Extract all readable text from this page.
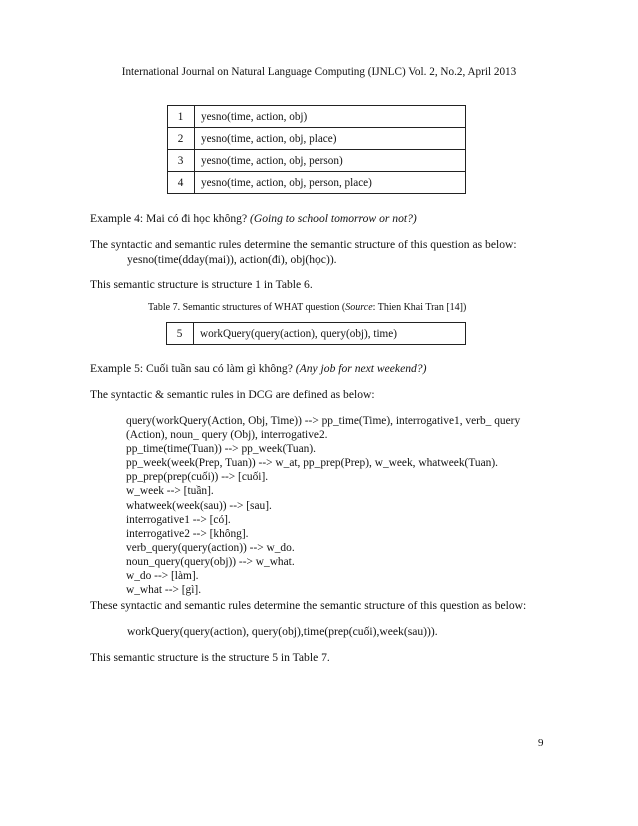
International Journal on Natural Language Computing (IJNLC) Vol. 2, No.2, April 2013
1	yesno(time, action, obj)
2	yesno(time, action, obj, place)
3	yesno(time, action, obj, person)
4	yesno(time, action, obj, person, place)
Example 4: Mai có đi học không? (Going to school tomorrow or not?)
The syntactic and semantic rules determine the semantic structure of this question as below:
yesno(time(dday(mai)), action(đi), obj(học)).
This semantic structure is structure 1 in Table 6.
Table 7. Semantic structures of WHAT question (Source: Thien Khai Tran [14])
5	workQuery(query(action), query(obj), time)
Example 5: Cuối tuần sau có làm gì không? (Any job for next weekend?)
The syntactic & semantic rules in DCG are defined as below:
query(workQuery(Action, Obj, Time)) --> pp_time(Time), interrogative1, verb_ query
(Action), noun_ query (Obj), interrogative2.
pp_time(time(Tuan)) --> pp_week(Tuan).
pp_week(week(Prep, Tuan)) --> w_at, pp_prep(Prep), w_week, whatweek(Tuan).
pp_prep(prep(cuối)) --> [cuối].
w_week --> [tuần].
whatweek(week(sau)) --> [sau].
interrogative1 --> [có].
interrogative2 --> [không].
verb_query(query(action)) --> w_do.
noun_query(query(obj)) --> w_what.
w_do --> [làm].
w_what --> [gì].
These syntactic and semantic rules determine the semantic structure of this question as below:
workQuery(query(action), query(obj),time(prep(cuối),week(sau))).
This semantic structure is the structure 5 in Table 7.
9
